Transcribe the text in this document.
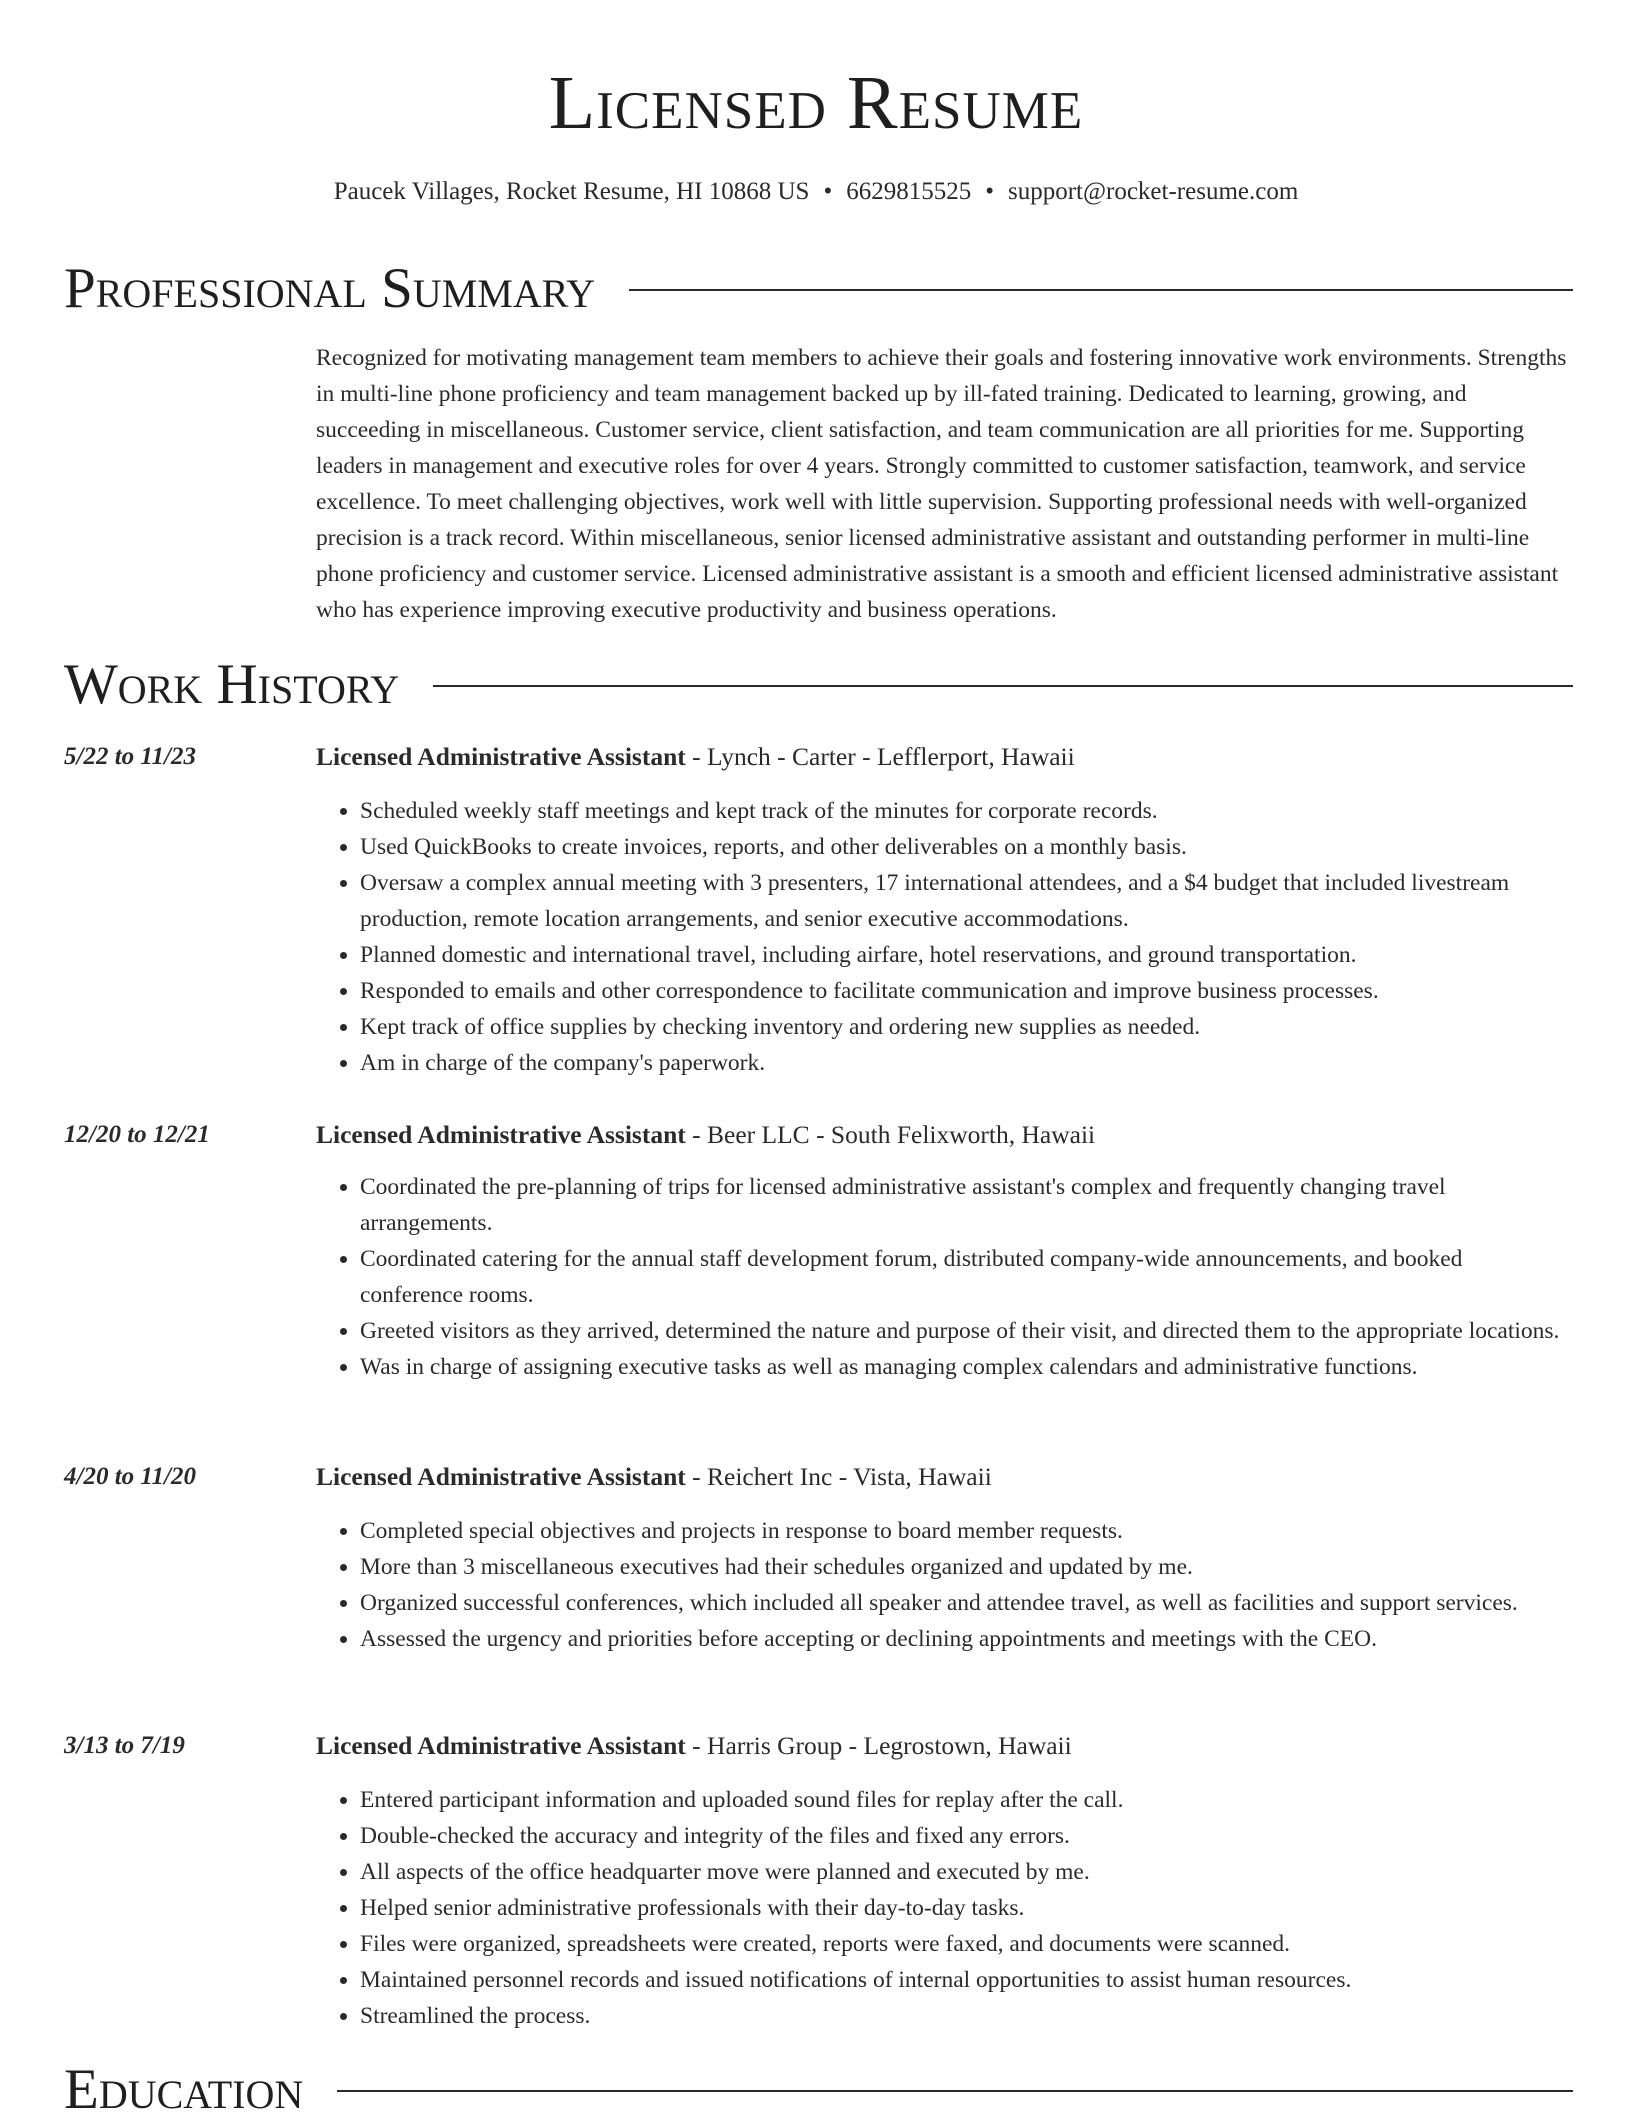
Licensed Resume
Paucek Villages, Rocket Resume, HI 10868 US • 6629815525 • support@rocket-resume.com
Professional Summary
Recognized for motivating management team members to achieve their goals and fostering innovative work environments. Strengths in multi-line phone proficiency and team management backed up by ill-fated training. Dedicated to learning, growing, and succeeding in miscellaneous. Customer service, client satisfaction, and team communication are all priorities for me. Supporting leaders in management and executive roles for over 4 years. Strongly committed to customer satisfaction, teamwork, and service excellence. To meet challenging objectives, work well with little supervision. Supporting professional needs with well-organized precision is a track record. Within miscellaneous, senior licensed administrative assistant and outstanding performer in multi-line phone proficiency and customer service. Licensed administrative assistant is a smooth and efficient licensed administrative assistant who has experience improving executive productivity and business operations.
Work History
5/22 to 11/23	Licensed Administrative Assistant - Lynch - Carter - Lefflerport, Hawaii
• Scheduled weekly staff meetings and kept track of the minutes for corporate records.
• Used QuickBooks to create invoices, reports, and other deliverables on a monthly basis.
• Oversaw a complex annual meeting with 3 presenters, 17 international attendees, and a $4 budget that included livestream production, remote location arrangements, and senior executive accommodations.
• Planned domestic and international travel, including airfare, hotel reservations, and ground transportation.
• Responded to emails and other correspondence to facilitate communication and improve business processes.
• Kept track of office supplies by checking inventory and ordering new supplies as needed.
• Am in charge of the company's paperwork.
12/20 to 12/21	Licensed Administrative Assistant - Beer LLC - South Felixworth, Hawaii
• Coordinated the pre-planning of trips for licensed administrative assistant's complex and frequently changing travel arrangements.
• Coordinated catering for the annual staff development forum, distributed company-wide announcements, and booked conference rooms.
• Greeted visitors as they arrived, determined the nature and purpose of their visit, and directed them to the appropriate locations.
• Was in charge of assigning executive tasks as well as managing complex calendars and administrative functions.
4/20 to 11/20	Licensed Administrative Assistant - Reichert Inc - Vista, Hawaii
• Completed special objectives and projects in response to board member requests.
• More than 3 miscellaneous executives had their schedules organized and updated by me.
• Organized successful conferences, which included all speaker and attendee travel, as well as facilities and support services.
• Assessed the urgency and priorities before accepting or declining appointments and meetings with the CEO.
3/13 to 7/19	Licensed Administrative Assistant - Harris Group - Legrostown, Hawaii
• Entered participant information and uploaded sound files for replay after the call.
• Double-checked the accuracy and integrity of the files and fixed any errors.
• All aspects of the office headquarter move were planned and executed by me.
• Helped senior administrative professionals with their day-to-day tasks.
• Files were organized, spreadsheets were created, reports were faxed, and documents were scanned.
• Maintained personnel records and issued notifications of internal opportunities to assist human resources.
• Streamlined the process.
Education
